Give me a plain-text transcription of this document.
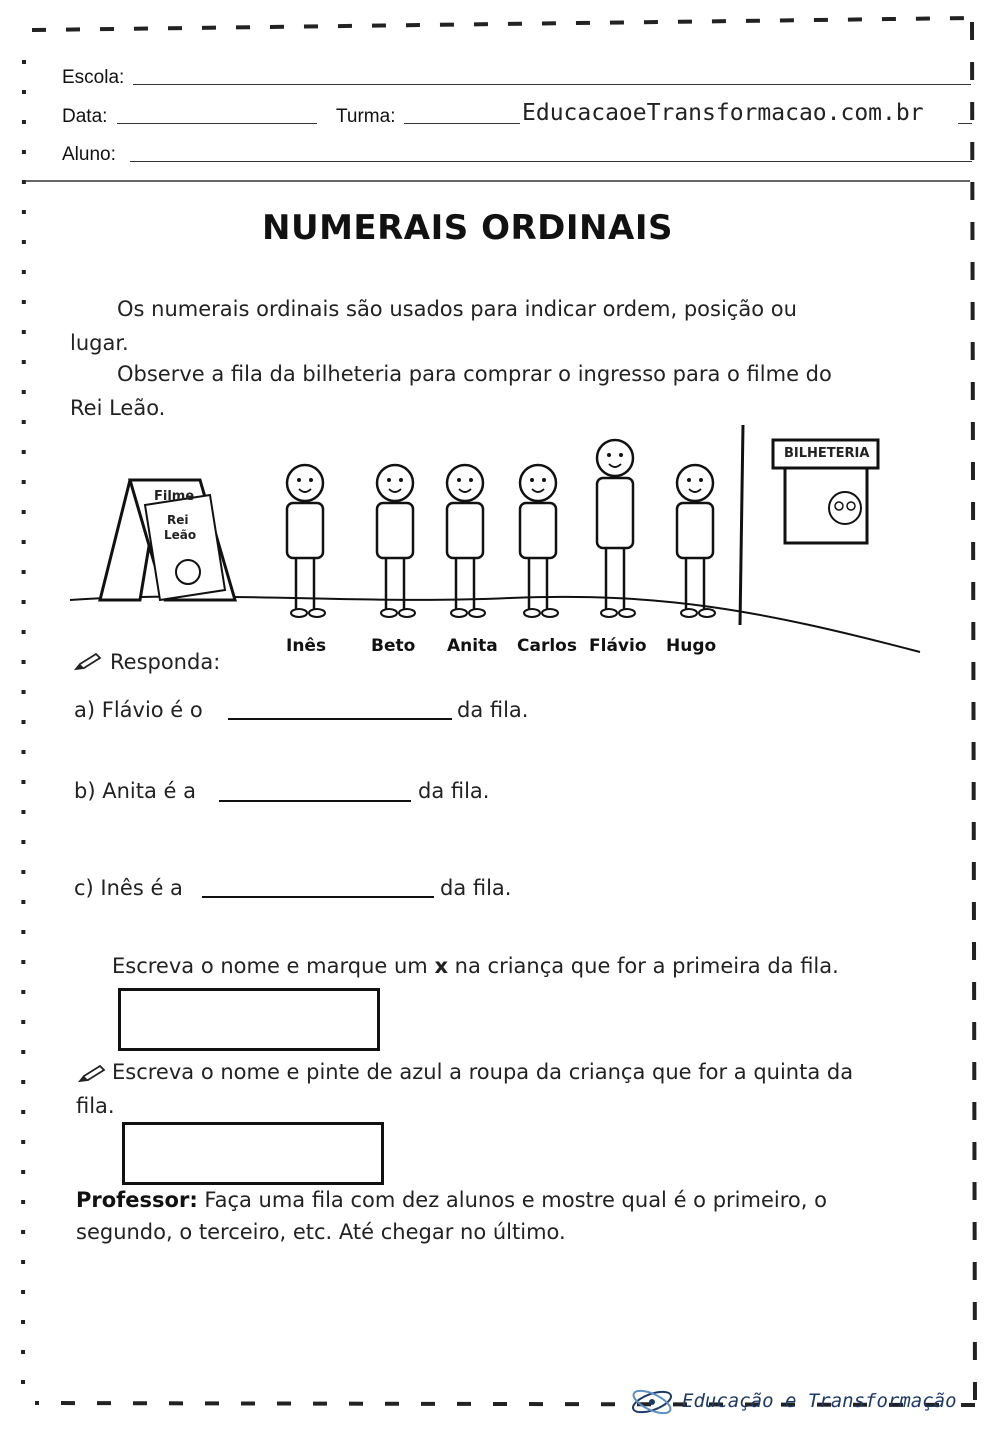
Escola:
Data:	Turma:	EducacaoeTransformacao.com.br
Aluno:
NUMERAIS ORDINAIS
Os numerais ordinais são usados para indicar ordem, posição ou
lugar.
Observe a fila da bilheteria para comprar o ingresso para o filme do
Rei Leão.
Filme
Rei
Leão
BILHETERIA
Inês	Beto Anita Carlos Flávio Hugo
Responda:
a) Flávio é o	da fila.
b) Anita é a	da fila.
c) Inês é a	da fila.
Escreva o nome e marque um x na criança que for a primeira da fila.
Escreva o nome e pinte de azul a roupa da criança que for a quinta da
fila.
Professor: Faça uma fila com dez alunos e mostre qual é o primeiro, o
segundo, o terceiro, etc. Até chegar no último.
Educação e Transformação
